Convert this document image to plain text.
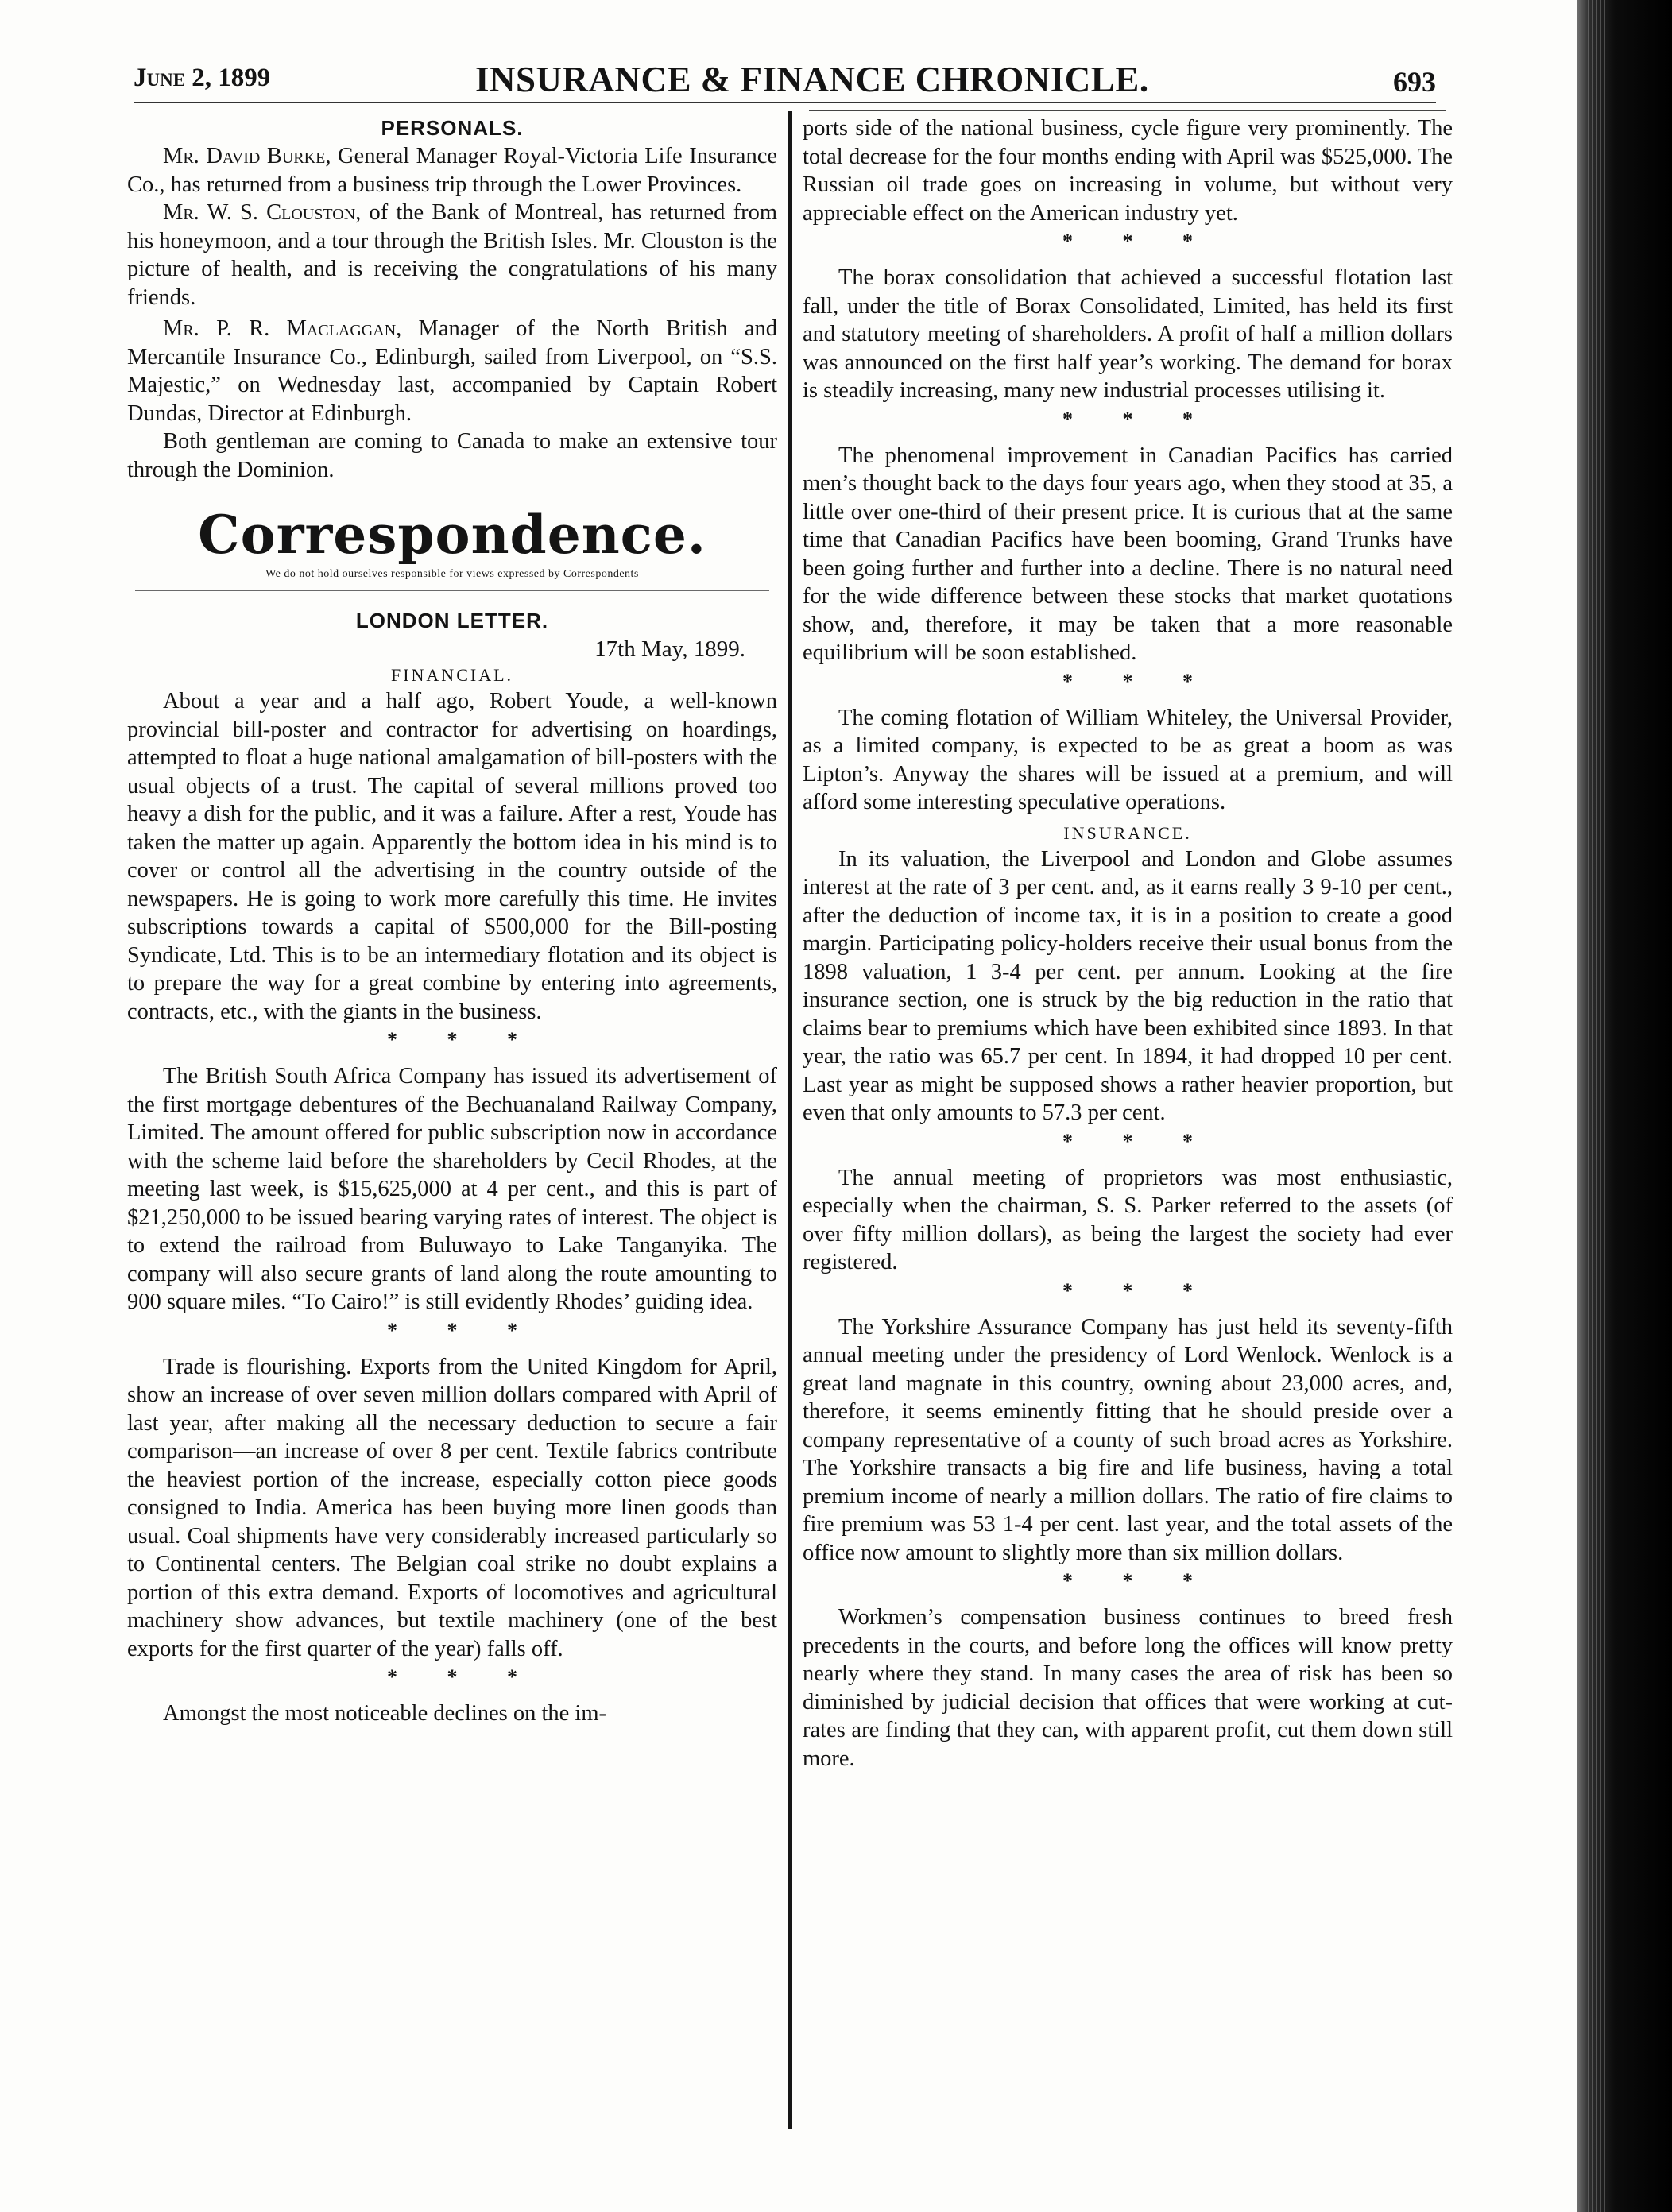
June 2, 1899	INSURANCE & FINANCE CHRONICLE.	693
PERSONALS.

Mr. David Burke, General Manager Royal-Victoria Life Insurance Co., has returned from a business trip through the Lower Provinces.

Mr. W. S. Clouston, of the Bank of Montreal, has returned from his honeymoon, and a tour through the British Isles. Mr. Clouston is the picture of health, and is receiving the congratulations of his many friends.

Mr. P. R. Maclaggan, Manager of the North British and Mercantile Insurance Co., Edinburgh, sailed from Liverpool, on “S.S. Majestic,” on Wednesday last, accompanied by Captain Robert Dundas, Director at Edinburgh.

Both gentleman are coming to Canada to make an extensive tour through the Dominion.

Correspondence.
We do not hold ourselves responsible for views expressed by Correspondents
LONDON LETTER.
17th May, 1899.
FINANCIAL.

About a year and a half ago, Robert Youde, a well-known provincial bill-poster and contractor for advertising on hoardings, attempted to float a huge national amalgamation of bill-posters with the usual objects of a trust. The capital of several millions proved too heavy a dish for the public, and it was a failure. After a rest, Youde has taken the matter up again. Apparently the bottom idea in his mind is to cover or control all the advertising in the country outside of the newspapers. He is going to work more carefully this time. He invites subscriptions towards a capital of $500,000 for the Bill-posting Syndicate, Ltd. This is to be an intermediary flotation and its object is to prepare the way for a great combine by entering into agreements, contracts, etc., with the giants in the business.

* * *

The British South Africa Company has issued its advertisement of the first mortgage debentures of the Bechuanaland Railway Company, Limited. The amount offered for public subscription now in accordance with the scheme laid before the shareholders by Cecil Rhodes, at the meeting last week, is $15,625,000 at 4 per cent., and this is part of $21,250,000 to be issued bearing varying rates of interest. The object is to extend the railroad from Buluwayo to Lake Tanganyika. The company will also secure grants of land along the route amounting to 900 square miles. “To Cairo!” is still evidently Rhodes’ guiding idea.

* * *

Trade is flourishing. Exports from the United Kingdom for April, show an increase of over seven million dollars compared with April of last year, after making all the necessary deduction to secure a fair comparison—an increase of over 8 per cent. Textile fabrics contribute the heaviest portion of the increase, especially cotton piece goods consigned to India. America has been buying more linen goods than usual. Coal shipments have very considerably increased particularly so to Continental centers. The Belgian coal strike no doubt explains a portion of this extra demand. Exports of locomotives and agricultural machinery show advances, but textile machinery (one of the best exports for the first quarter of the year) falls off.

* * *

Amongst the most noticeable declines on the im-

ports side of the national business, cycle figure very prominently. The total decrease for the four months ending with April was $525,000. The Russian oil trade goes on increasing in volume, but without very appreciable effect on the American industry yet.

* * *

The borax consolidation that achieved a successful flotation last fall, under the title of Borax Consolidated, Limited, has held its first and statutory meeting of shareholders. A profit of half a million dollars was announced on the first half year’s working. The demand for borax is steadily increasing, many new industrial processes utilising it.

* * *

The phenomenal improvement in Canadian Pacifics has carried men’s thought back to the days four years ago, when they stood at 35, a little over one-third of their present price. It is curious that at the same time that Canadian Pacifics have been booming, Grand Trunks have been going further and further into a decline. There is no natural need for the wide difference between these stocks that market quotations show, and, therefore, it may be taken that a more reasonable equilibrium will be soon established.

* * *

The coming flotation of William Whiteley, the Universal Provider, as a limited company, is expected to be as great a boom as was Lipton’s. Anyway the shares will be issued at a premium, and will afford some interesting speculative operations.

INSURANCE.

In its valuation, the Liverpool and London and Globe assumes interest at the rate of 3 per cent. and, as it earns really 3 9-10 per cent., after the deduction of income tax, it is in a position to create a good margin. Participating policy-holders receive their usual bonus from the 1898 valuation, 1 3-4 per cent. per annum. Looking at the fire insurance section, one is struck by the big reduction in the ratio that claims bear to premiums which have been exhibited since 1893. In that year, the ratio was 65.7 per cent. In 1894, it had dropped 10 per cent. Last year as might be supposed shows a rather heavier proportion, but even that only amounts to 57.3 per cent.

* * *

The annual meeting of proprietors was most enthusiastic, especially when the chairman, S. S. Parker referred to the assets (of over fifty million dollars), as being the largest the society had ever registered.

* * *

The Yorkshire Assurance Company has just held its seventy-fifth annual meeting under the presidency of Lord Wenlock. Wenlock is a great land magnate in this country, owning about 23,000 acres, and, therefore, it seems eminently fitting that he should preside over a company representative of a county of such broad acres as Yorkshire. The Yorkshire transacts a big fire and life business, having a total premium income of nearly a million dollars. The ratio of fire claims to fire premium was 53 1-4 per cent. last year, and the total assets of the office now amount to slightly more than six million dollars.

* * *

Workmen’s compensation business continues to breed fresh precedents in the courts, and before long the offices will know pretty nearly where they stand. In many cases the area of risk has been so diminished by judicial decision that offices that were working at cut-rates are finding that they can, with apparent profit, cut them down still more.
